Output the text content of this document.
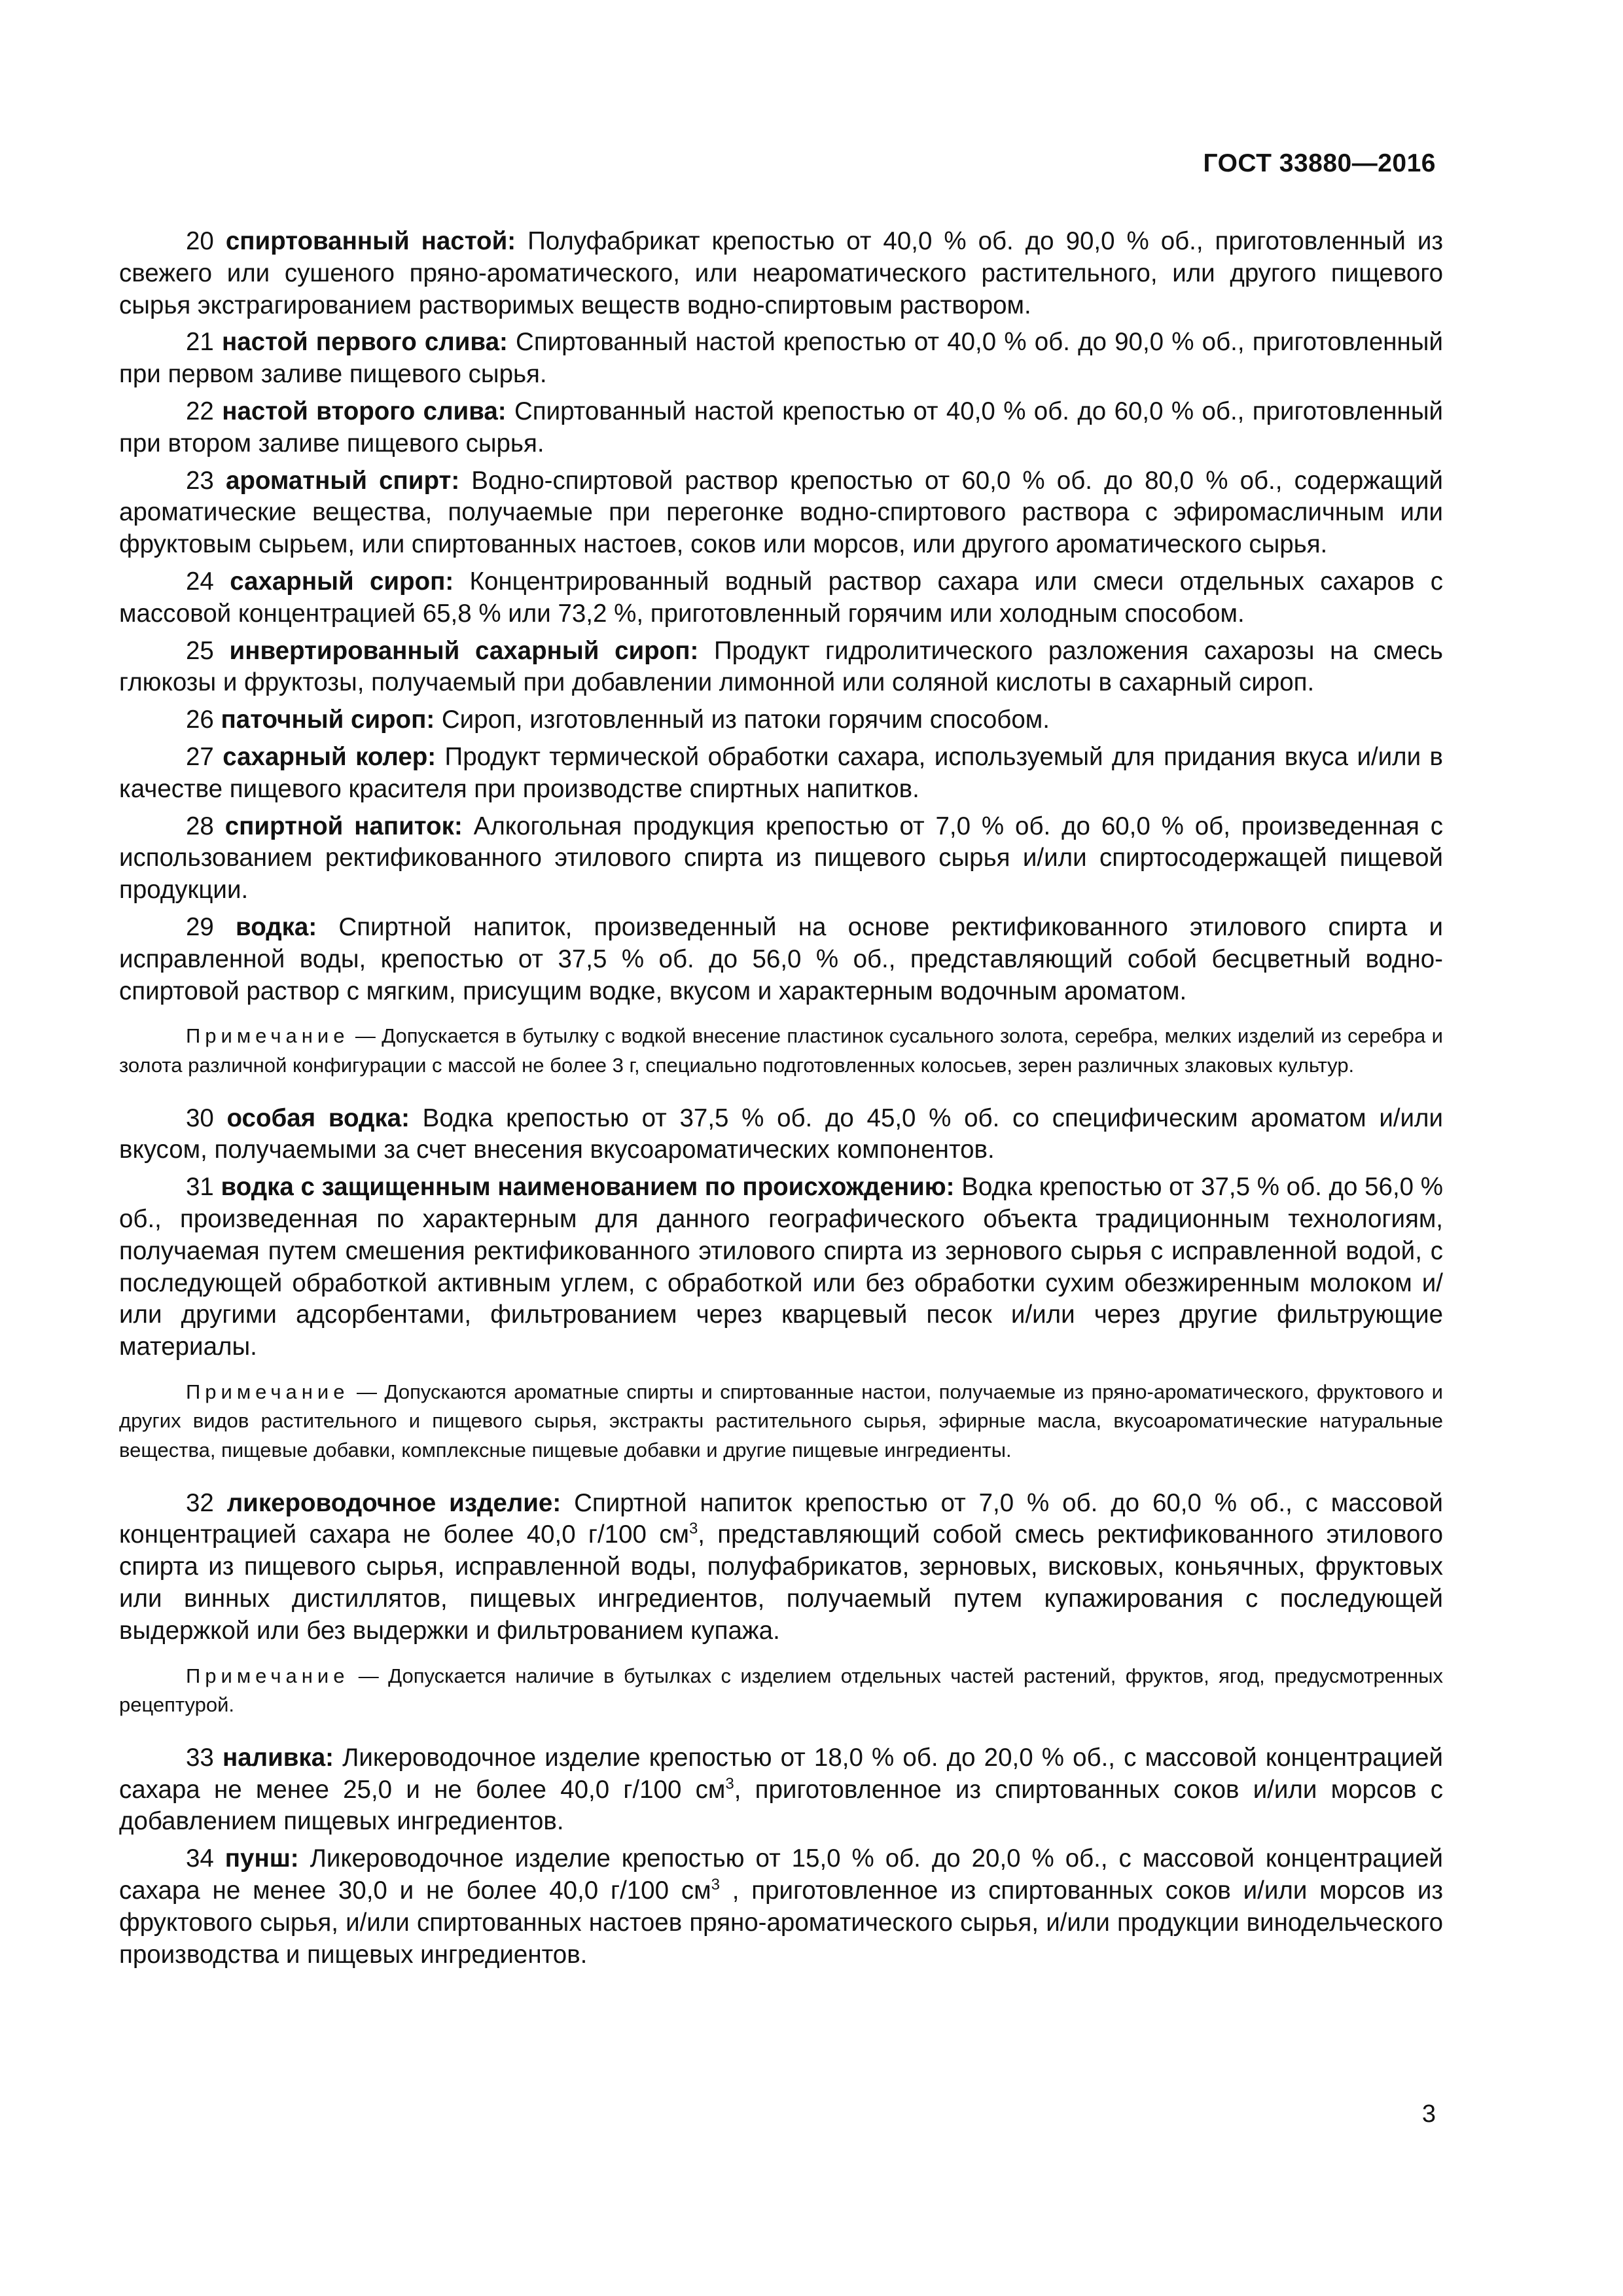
ГОСТ 33880—2016

20 спиртованный настой: Полуфабрикат крепостью от 40,0 % об. до 90,0 % об., приготовленный из свежего или сушеного пряно-ароматического, или неароматического растительного, или другого пищевого сырья экстрагированием растворимых веществ водно-спиртовым раствором.

21 настой первого слива: Спиртованный настой крепостью от 40,0 % об. до 90,0 % об., приготовленный при первом заливе пищевого сырья.

22 настой второго слива: Спиртованный настой крепостью от 40,0 % об. до 60,0 % об., приготовленный при втором заливе пищевого сырья.

23 ароматный спирт: Водно-спиртовой раствор крепостью от 60,0 % об. до 80,0 % об., содержащий ароматические вещества, получаемые при перегонке водно-спиртового раствора с эфиромасличным или фруктовым сырьем, или спиртованных настоев, соков или морсов, или другого ароматического сырья.

24 сахарный сироп: Концентрированный водный раствор сахара или смеси отдельных сахаров с массовой концентрацией 65,8 % или 73,2 %, приготовленный горячим или холодным способом.

25 инвертированный сахарный сироп: Продукт гидролитического разложения сахарозы на смесь глюкозы и фруктозы, получаемый при добавлении лимонной или соляной кислоты в сахарный сироп.

26 паточный сироп: Сироп, изготовленный из патоки горячим способом.

27 сахарный колер: Продукт термической обработки сахара, используемый для придания вкуса и/или в качестве пищевого красителя при производстве спиртных напитков.

28 спиртной напиток: Алкогольная продукция крепостью от 7,0 % об. до 60,0 % об, произведенная с использованием ректификованного этилового спирта из пищевого сырья и/или спиртосодержащей пищевой продукции.

29 водка: Спиртной напиток, произведенный на основе ректификованного этилового спирта и исправленной воды, крепостью от 37,5 % об. до 56,0 % об., представляющий собой бесцветный водно-спиртовой раствор с мягким, присущим водке, вкусом и характерным водочным ароматом.

Примечание — Допускается в бутылку с водкой внесение пластинок сусального золота, серебра, мелких изделий из серебра и золота различной конфигурации с массой не более 3 г, специально подготовленных колосьев, зерен различных злаковых культур.

30 особая водка: Водка крепостью от 37,5 % об. до 45,0 % об. со специфическим ароматом и/или вкусом, получаемыми за счет внесения вкусоароматических компонентов.

31 водка с защищенным наименованием по происхождению: Водка крепостью от 37,5 % об. до 56,0 % об., произведенная по характерным для данного географического объекта традиционным технологиям, получаемая путем смешения ректификованного этилового спирта из зернового сырья с исправленной водой, с последующей обработкой активным углем, с обработкой или без обработки сухим обезжиренным молоком и/или другими адсорбентами, фильтрованием через кварцевый песок и/или через другие фильтрующие материалы.

Примечание — Допускаются ароматные спирты и спиртованные настои, получаемые из пряно-ароматического, фруктового и других видов растительного и пищевого сырья, экстракты растительного сырья, эфирные масла, вкусоароматические натуральные вещества, пищевые добавки, комплексные пищевые добавки и другие пищевые ингредиенты.

32 ликероводочное изделие: Спиртной напиток крепостью от 7,0 % об. до 60,0 % об., с массовой концентрацией сахара не более 40,0 г/100 $см^3$, представляющий собой смесь ректификованного этилового спирта из пищевого сырья, исправленной воды, полуфабрикатов, зерновых, висковых, коньячных, фруктовых или винных дистиллятов, пищевых ингредиентов, получаемый путем купажирования с последующей выдержкой или без выдержки и фильтрованием купажа.

Примечание — Допускается наличие в бутылках с изделием отдельных частей растений, фруктов, ягод, предусмотренных рецептурой.

33 наливка: Ликероводочное изделие крепостью от 18,0 % об. до 20,0 % об., с массовой концентрацией сахара не менее 25,0 и не более 40,0 г/100 $см^3$, приготовленное из спиртованных соков и/или морсов с добавлением пищевых ингредиентов.

34 пунш: Ликероводочное изделие крепостью от 15,0 % об. до 20,0 % об., с массовой концентрацией сахара не менее 30,0 и не более 40,0 г/100 $см^3$ , приготовленное из спиртованных соков и/или морсов из фруктового сырья, и/или спиртованных настоев пряно-ароматического сырья, и/или продукции винодельческого производства и пищевых ингредиентов.

3
